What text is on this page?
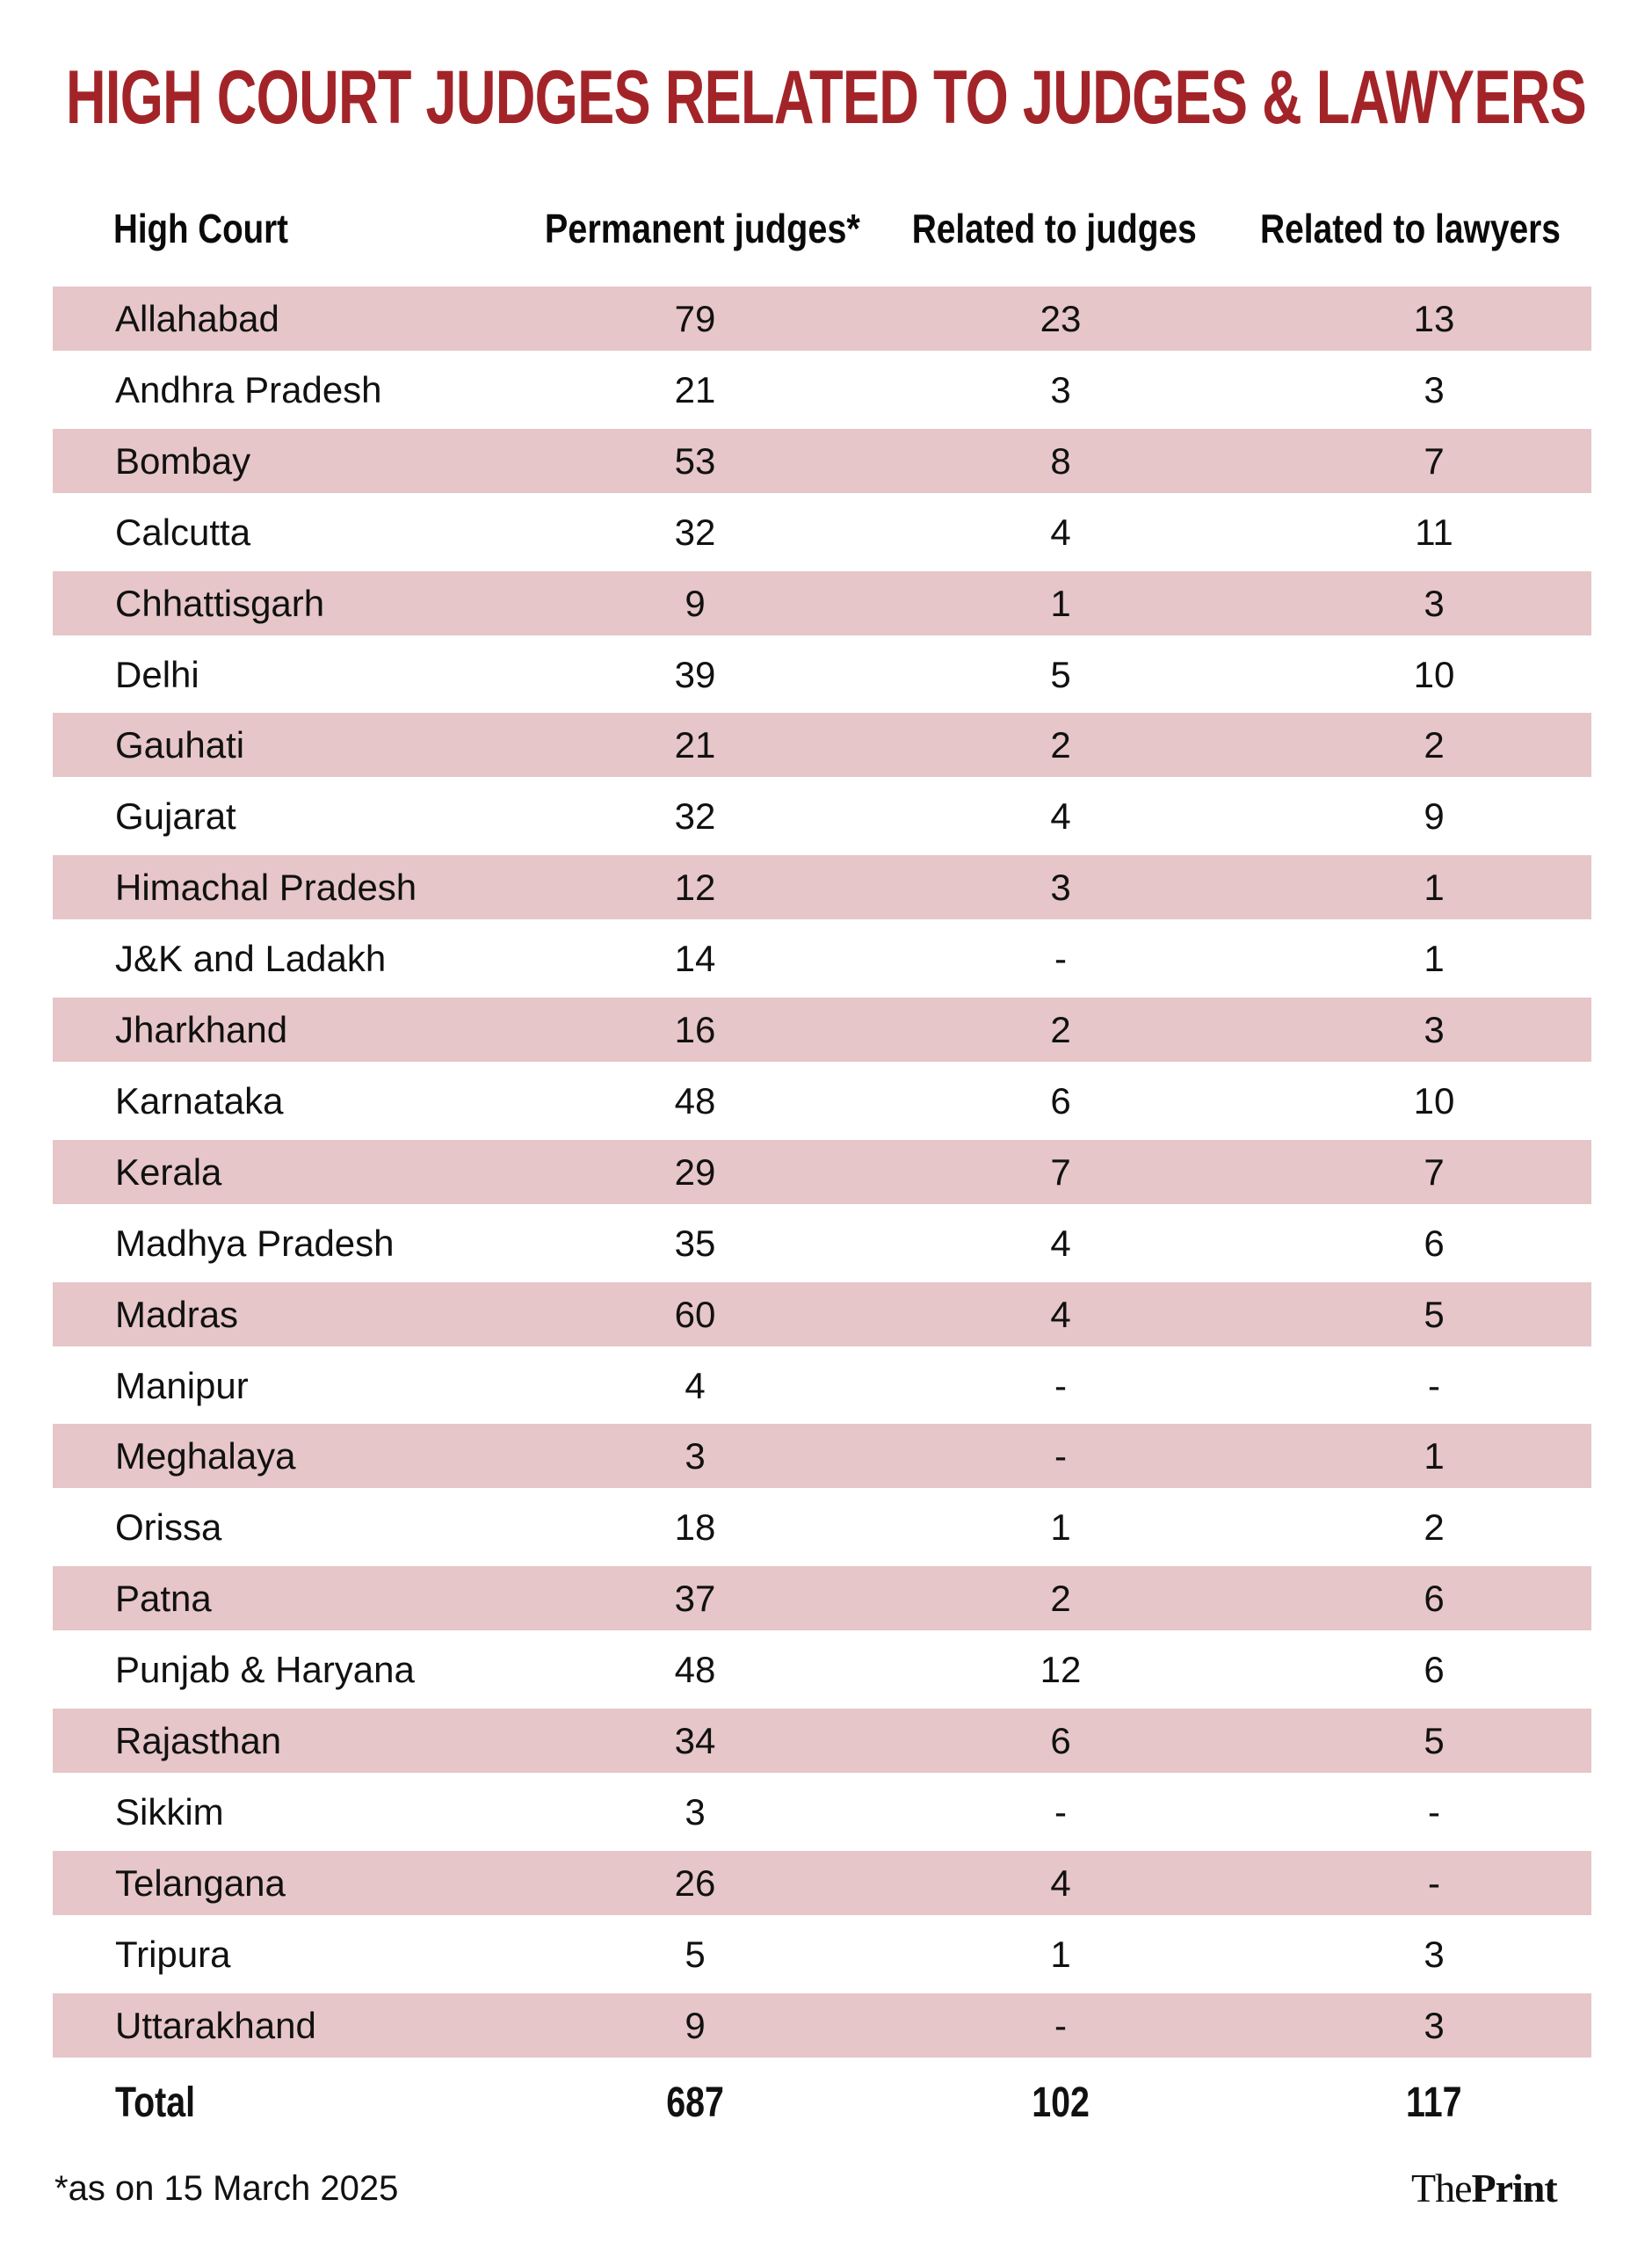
HIGH COURT JUDGES RELATED TO JUDGES & LAWYERS
High Court	Permanent judges*	Related to judges	Related to lawyers
Allahabad	79	23	13
Andhra Pradesh	21	3	3
Bombay	53	8	7
Calcutta	32	4	11
Chhattisgarh	9	1	3
Delhi	39	5	10
Gauhati	21	2	2
Gujarat	32	4	9
Himachal Pradesh	12	3	1
J&K and Ladakh	14	-	1
Jharkhand	16	2	3
Karnataka	48	6	10
Kerala	29	7	7
Madhya Pradesh	35	4	6
Madras	60	4	5
Manipur	4	-	-
Meghalaya	3	-	1
Orissa	18	1	2
Patna	37	2	6
Punjab & Haryana	48	12	6
Rajasthan	34	6	5
Sikkim	3	-	-
Telangana	26	4	-
Tripura	5	1	3
Uttarakhand	9	-	3
Total	687	102	117
*as on 15 March 2025	ThePrint
